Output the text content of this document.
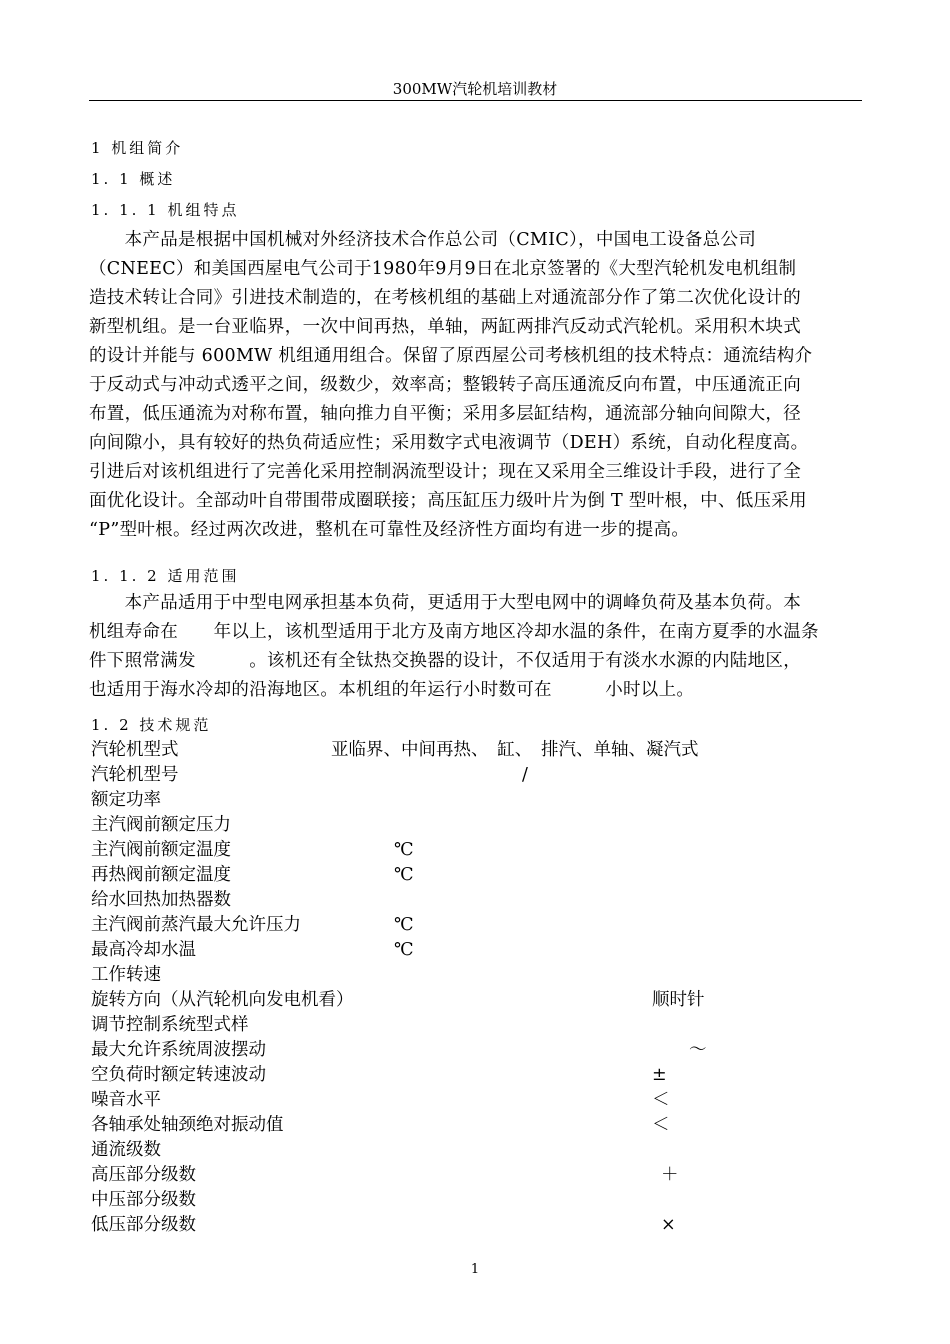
300MW汽轮机培训教材
1 机组简介
1. 1 概述
1. 1. 1 机组特点
　　本产品是根据中国机械对外经济技术合作总公司（CMIC），中国电工设备总公司
（CNEEC）和美国西屋电气公司于1980年9月9日在北京签署的《大型汽轮机发电机组制
造技术转让合同》引进技术制造的，在考核机组的基础上对通流部分作了第二次优化设计的
新型机组。是一台亚临界，一次中间再热，单轴，两缸两排汽反动式汽轮机。采用积木块式
的设计并能与 600MW 机组通用组合。保留了原西屋公司考核机组的技术特点：通流结构介
于反动式与冲动式透平之间，级数少，效率高；整锻转子高压通流反向布置，中压通流正向
布置，低压通流为对称布置，轴向推力自平衡；采用多层缸结构，通流部分轴向间隙大，径
向间隙小，具有较好的热负荷适应性；采用数字式电液调节（DEH）系统，自动化程度高。
引进后对该机组进行了完善化采用控制涡流型设计；现在又采用全三维设计手段，进行了全
面优化设计。全部动叶自带围带成圈联接；高压缸压力级叶片为倒 T 型叶根，中、低压采用
“P”型叶根。经过两次改进，整机在可靠性及经济性方面均有进一步的提高。
1. 1. 2 适用范围
　　本产品适用于中型电网承担基本负荷，更适用于大型电网中的调峰负荷及基本负荷。本
机组寿命在　　年以上，该机型适用于北方及南方地区冷却水温的条件，在南方夏季的水温条
件下照常满发　　　。该机还有全钛热交换器的设计，不仅适用于有淡水水源的内陆地区，
也适用于海水冷却的沿海地区。本机组的年运行小时数可在　　　小时以上。
1. 2 技术规范
汽轮机型式	亚临界、中间再热、　缸、　排汽、单轴、凝汽式
汽轮机型号	/
额定功率
主汽阀前额定压力
主汽阀前额定温度	℃
再热阀前额定温度	℃
给水回热加热器数
主汽阀前蒸汽最大允许压力	℃
最高冷却水温	℃
工作转速
旋转方向（从汽轮机向发电机看）	顺时针
调节控制系统型式样
最大允许系统周波摆动	～
空负荷时额定转速波动	±
噪音水平	＜
各轴承处轴颈绝对振动值	＜
通流级数
高压部分级数	＋
中压部分级数
低压部分级数	×
1
